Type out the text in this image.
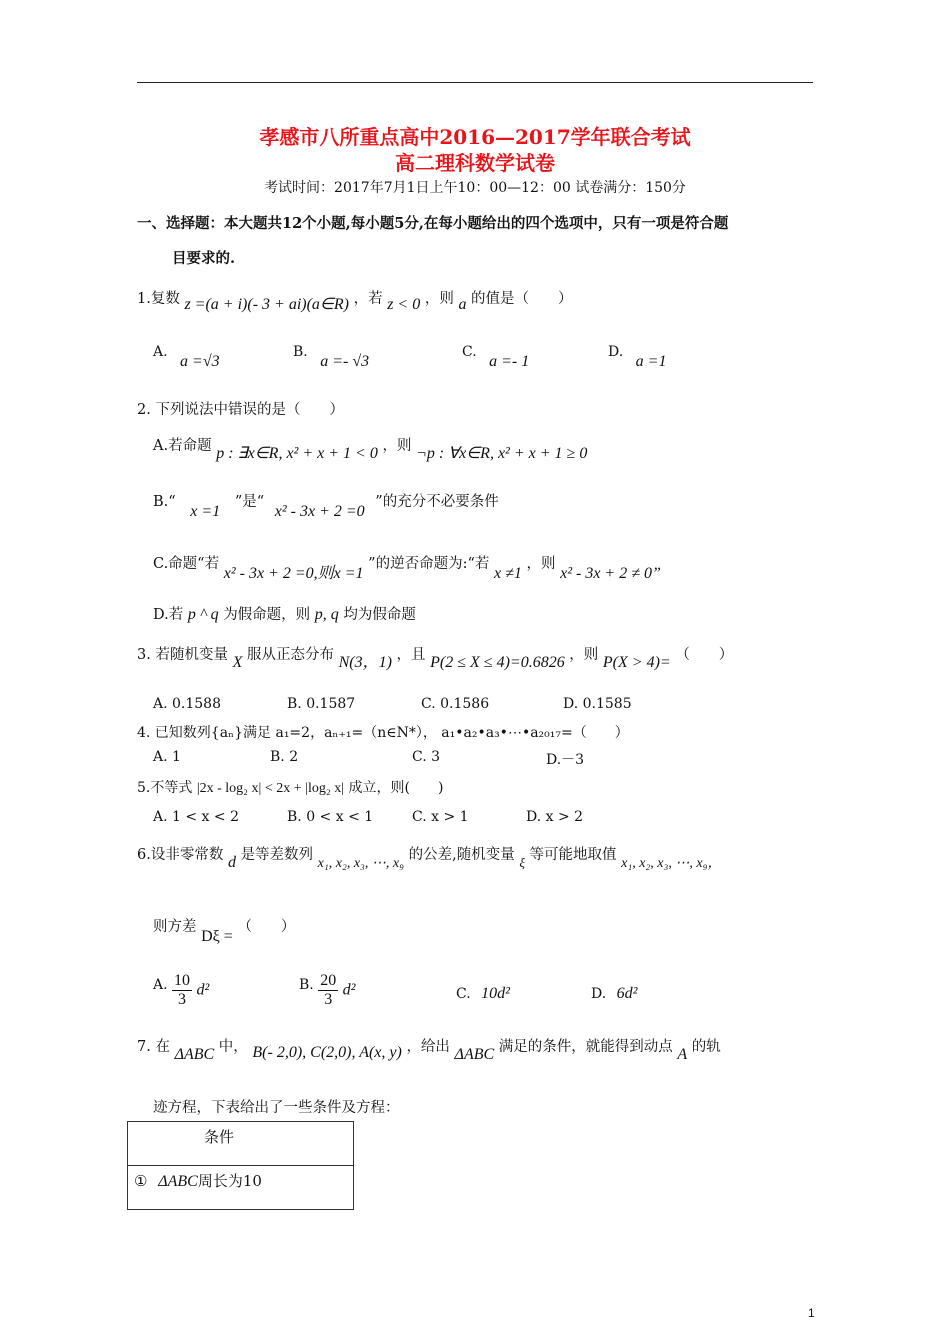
孝感市八所重点高中2016—2017学年联合考试
高二理科数学试卷
考试时间：2017年7月1日上午10：00—12：00 试卷满分：150分
一、选择题：本大题共12个小题,每小题5分,在每小题给出的四个选项中，只有一项是符合题
目要求的.
1.复数 z =(a + i)(- 3 + ai)(a∈R) ，若 z < 0 ，则 a 的值是（　　）
A. a =√3
B. a =- √3
C. a =- 1
D. a =1
2. 下列说法中错误的是（　　）
A.若命题 p : ∃x∈R, x² + x + 1 < 0 ，则 ¬p : ∀x∈R, x² + x + 1 ≥ 0
B.“ x =1 ”是“ x² - 3x + 2 =0 ”的充分不必要条件
C.命题“若 x² - 3x + 2 =0,则x =1 ”的逆否命题为:“若 x ≠1 ，则 x² - 3x + 2 ≠ 0”
D.若 p ^ q 为假命题，则 p, q 均为假命题
3. 若随机变量 X 服从正态分布 N(3，1) ，且 P(2 ≤ X ≤ 4)=0.6826 ，则 P(X > 4)= （　　）
A. 0.1588	B. 0.1587	C. 0.1586	D. 0.1585
4. 已知数列{aₙ}满足 a₁=2，aₙ₊₁=（n∈N*）， a₁•a₂•a₃•⋯•a₂₀₁₇=（　　）
A. 1	B. 2	C. 3	D.－3
5.不等式 |2x - log₂ x| < 2x + |log₂ x| 成立，则(　　)
A. 1 < x < 2	B. 0 < x < 1	C. x > 1	D. x > 2
6.设非零常数 d 是等差数列 x₁, x₂, x₃, ⋯, x₉ 的公差,随机变量 ξ 等可能地取值 x₁, x₂, x₃, ⋯, x₉，
则方差 Dξ = （　　）
A. $\frac{10}{3} d^2$	B. $\frac{20}{3} d^2$	C. 10d²	D. 6d²
7. 在 ΔABC 中， B(- 2,0), C(2,0), A(x, y) ，给出 ΔABC 满足的条件，就能得到动点 A 的轨
迹方程，下表给出了一些条件及方程：
条件
① ΔABC周长为10
1
